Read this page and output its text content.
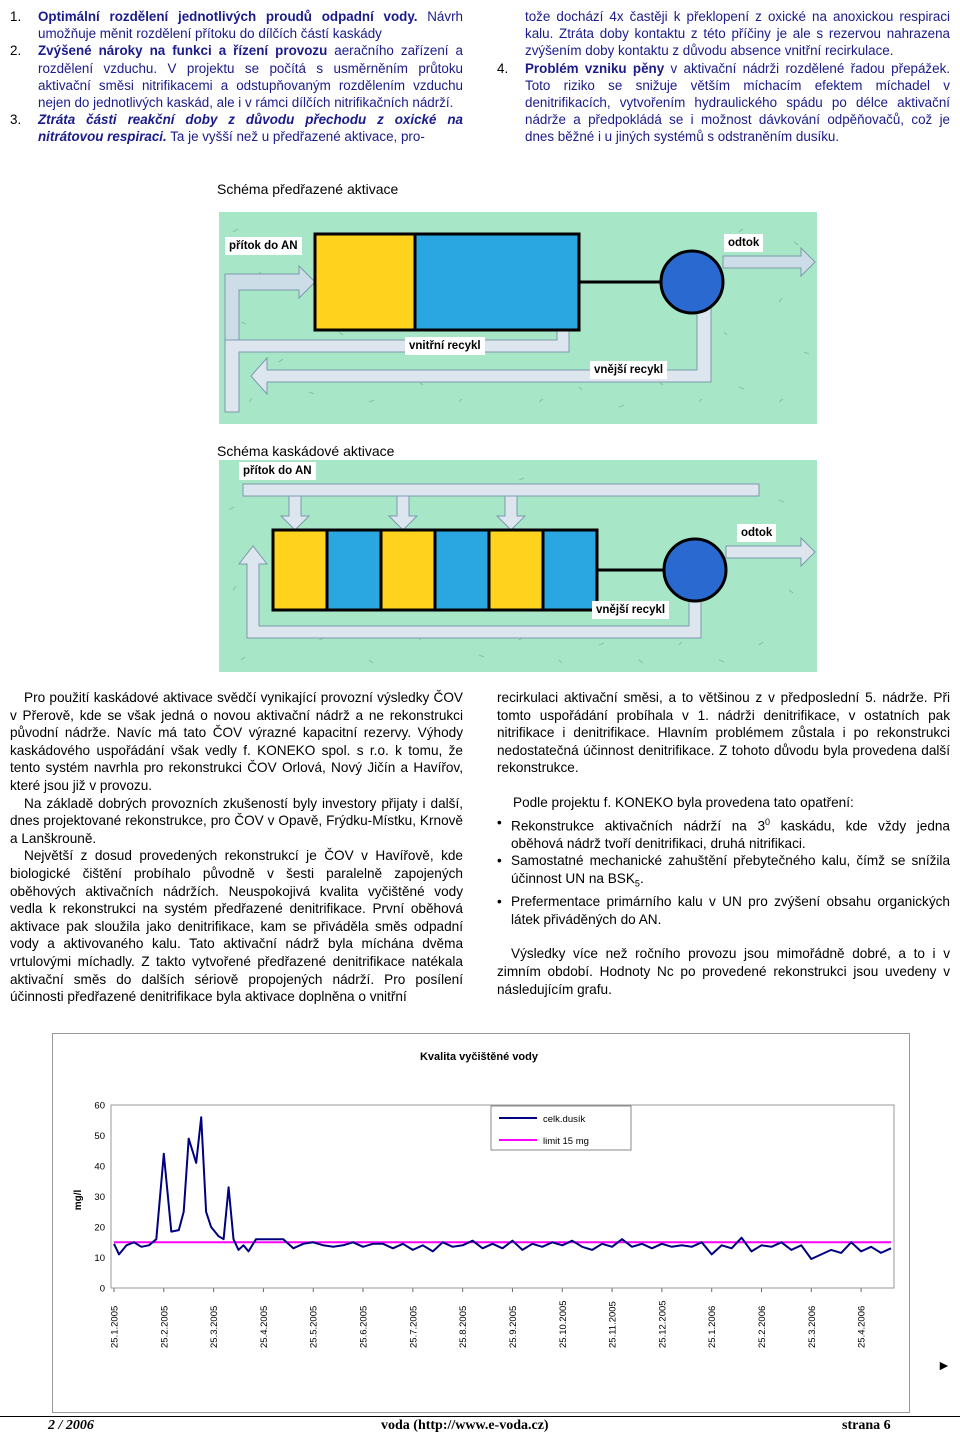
1. Optimální rozdělení jednotlivých proudů odpadní vody. Návrh umožňuje měnit rozdělení přítoku do dílčích částí kaskády
2. Zvýšené nároky na funkci a řízení provozu aeračního zařízení a rozdělení vzduchu. V projektu se počítá s usměrněním průtoku aktivační směsi nitrifikacemi a odstupňovaným rozdělením vzduchu nejen do jednotlivých kaskád, ale i v rámci dílčích nitrifikačních nádrží.
3. Ztráta části reakční doby z důvodu přechodu z oxické na nitrátovou respiraci. Ta je vyšší než u předřazené aktivace, pro-

tože dochází 4x častěji k překlopení z oxické na anoxickou respiraci kalu. Ztráta doby kontaktu z této příčiny je ale s rezervou nahrazena zvýšením doby kontaktu z důvodu absence vnitřní recirkulace.

4. Problém vzniku pěny v aktivační nádrži rozdělené řadou přepážek. Toto riziko se snižuje větším míchacím efektem míchadel v denitrifikacích, vytvořením hydraulického spádu po délce aktivační nádrže a předpokládá se i možnost dávkování odpěňovačů, což je dnes běžné i u jiných systémů s odstraněním dusíku.
Schéma předřazené aktivace
přítok do AN	odtok
vnitřní recykl
vnější recykl
Schéma kaskádové aktivace
přítok do AN
odtok
vnější recykl

Pro použití kaskádové aktivace svědčí vynikající provozní výsledky ČOV v Přerově, kde se však jedná o novou aktivační nádrž a ne rekonstrukci původní nádrže. Navíc má tato ČOV výrazné kapacitní rezervy. Výhody kaskádového uspořádání však vedly f. KONEKO spol. s r.o. k tomu, že tento systém navrhla pro rekonstrukci ČOV Orlová, Nový Jičín a Havířov, které jsou již v provozu.

Na základě dobrých provozních zkušeností byly investory přijaty i další, dnes projektované rekonstrukce, pro ČOV v Opavě, Frýdku-Místku, Krnově a Lanškrouně.

Největší z dosud provedených rekonstrukcí je ČOV v Havířově, kde biologické čištění probíhalo původně v šesti paralelně zapojených oběhových aktivačních nádržích. Neuspokojivá kvalita vyčištěné vody vedla k rekonstrukci na systém předřazené denitrifikace. První oběhová aktivace pak sloužila jako denitrifikace, kam se přiváděla směs odpadní vody a aktivovaného kalu. Tato aktivační nádrž byla míchána dvěma vrtulovými míchadly. Z takto vytvořené předřazené denitrifikace natékala aktivační směs do dalších sériově propojených nádrží. Pro posílení účinnosti předřazené denitrifikace byla aktivace doplněna o vnitřní

recirkulaci aktivační směsi, a to většinou z v předposlední 5. nádrže. Při tomto uspořádání probíhala v 1. nádrži denitrifikace, v ostatních pak nitrifikace i denitrifikace. Hlavním problémem zůstala i po rekonstrukci nedostatečná účinnost denitrifikace. Z tohoto důvodu byla provedena další rekonstrukce.

Podle projektu f. KONEKO byla provedena tato opatření:

• Rekonstrukce aktivačních nádrží na $3^0$ kaskádu, kde vždy jedna oběhová nádrž tvoří denitrifikaci, druhá nitrifikaci.
• Samostatné mechanické zahuštění přebytečného kalu, čímž se snížila účinnost UN na $BSK_5$.
• Prefermentace primárního kalu v UN pro zvýšení obsahu organických látek přiváděných do AN.

Výsledky více než ročního provozu jsou mimořádně dobré, a to i v zimním období. Hodnoty Nc po provedené rekonstrukci jsou uvedeny v následujícím grafu.

Kvalita vyčištěné vody
mg/l
0
10
20
30
40
50
60
25.1.2005	25.2.2005	25.3.2005	25.4.2005	25.5.2005	25.6.2005	25.7.2005	25.8.2005	25.9.2005	25.10.2005	25.11.2005	25.12.2005	25.1.2006	25.2.2006	25.3.2006	25.4.2006
celk.dusík
limit 15 mg
►
2 / 2006	voda (http://www.e-voda.cz)	strana 6
